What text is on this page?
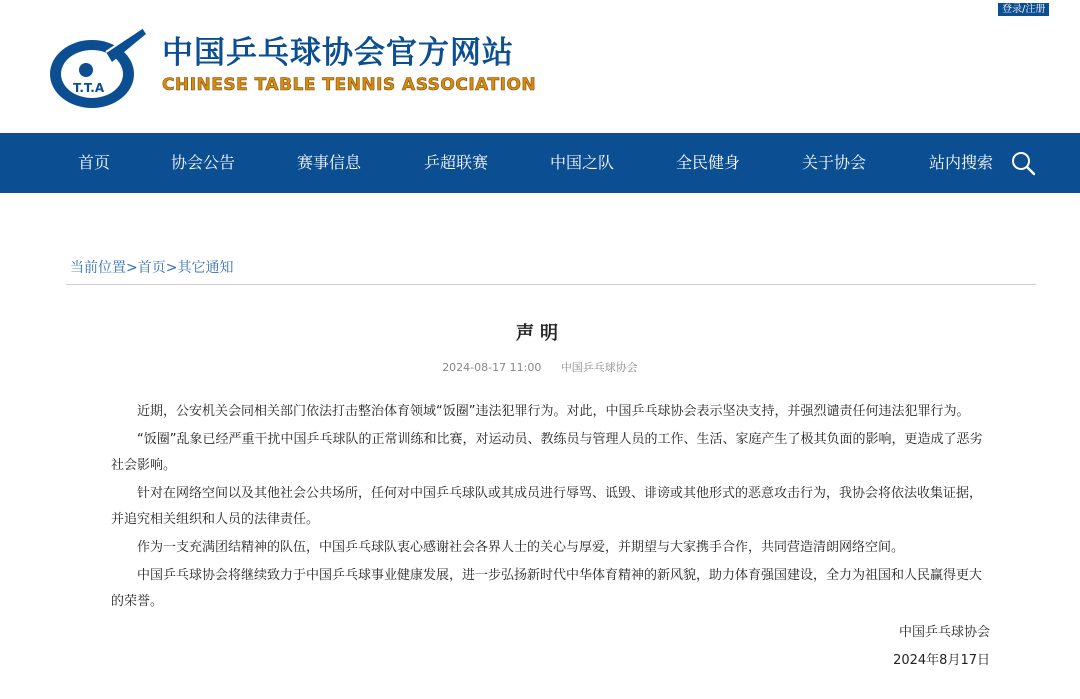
登录/注册
T.T.A
中国乒乓球协会官方网站
CHINESE TABLE TENNIS ASSOCIATION
首页	协会公告	赛事信息	乒超联赛	中国之队	全民健身	关于协会	站内搜索
当前位置>首页>其它通知
声明
2024-08-17 11:00 中国乒乓球协会

近期，公安机关会同相关部门依法打击整治体育领域“饭圈”违法犯罪行为。对此，中国乒乓球协会表示坚决支持，并强烈谴责任何违法犯罪行为。

“饭圈”乱象已经严重干扰中国乒乓球队的正常训练和比赛，对运动员、教练员与管理人员的工作、生活、家庭产生了极其负面的影响，更造成了恶劣社会影响。

针对在网络空间以及其他社会公共场所，任何对中国乒乓球队或其成员进行辱骂、诋毁、诽谤或其他形式的恶意攻击行为，我协会将依法收集证据，并追究相关组织和人员的法律责任。

作为一支充满团结精神的队伍，中国乒乓球队衷心感谢社会各界人士的关心与厚爱，并期望与大家携手合作，共同营造清朗网络空间。

中国乒乓球协会将继续致力于中国乒乓球事业健康发展，进一步弘扬新时代中华体育精神的新风貌，助力体育强国建设，全力为祖国和人民赢得更大的荣誉。

中国乒乓球协会
2024年8月17日
